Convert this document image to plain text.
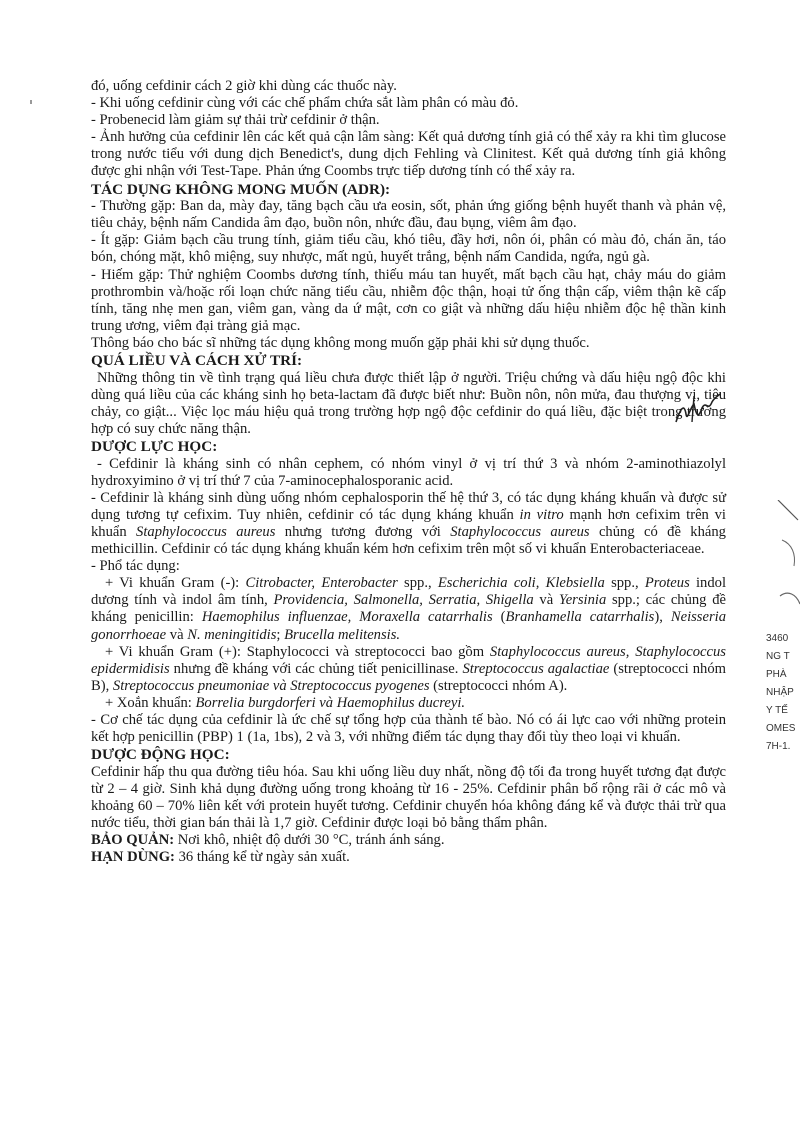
đó, uống cefdinir cách 2 giờ khi dùng các thuốc này.

- Khi uống cefdinir cùng với các chế phẩm chứa sắt làm phân có màu đỏ.

- Probenecid làm giảm sự thải trừ cefdinir ở thận.

- Ảnh hưởng của cefdinir lên các kết quả cận lâm sàng: Kết quả dương tính giả có thể xảy ra khi tìm glucose trong nước tiểu với dung dịch Benedict's, dung dịch Fehling và Clinitest. Kết quả dương tính giả không được ghi nhận với Test-Tape. Phản ứng Coombs trực tiếp dương tính có thể xảy ra.

TÁC DỤNG KHÔNG MONG MUỐN (ADR):

- Thường gặp: Ban da, mày đay, tăng bạch cầu ưa eosin, sốt, phản ứng giống bệnh huyết thanh và phản vệ, tiêu chảy, bệnh nấm Candida âm đạo, buồn nôn, nhức đầu, đau bụng, viêm âm đạo.

- Ít gặp: Giảm bạch cầu trung tính, giảm tiểu cầu, khó tiêu, đầy hơi, nôn ói, phân có màu đỏ, chán ăn, táo bón, chóng mặt, khô miệng, suy nhược, mất ngủ, huyết trắng, bệnh nấm Candida, ngứa, ngủ gà.

- Hiếm gặp: Thử nghiệm Coombs dương tính, thiếu máu tan huyết, mất bạch cầu hạt, chảy máu do giảm prothrombin và/hoặc rối loạn chức năng tiểu cầu, nhiễm độc thận, hoại tử ống thận cấp, viêm thận kẽ cấp tính, tăng nhẹ men gan, viêm gan, vàng da ứ mật, cơn co giật và những dấu hiệu nhiễm độc hệ thần kinh trung ương, viêm đại tràng giả mạc.

Thông báo cho bác sĩ những tác dụng không mong muốn gặp phải khi sử dụng thuốc.

QUÁ LIỀU VÀ CÁCH XỬ TRÍ:

Những thông tin về tình trạng quá liều chưa được thiết lập ở người. Triệu chứng và dấu hiệu ngộ độc khi dùng quá liều của các kháng sinh họ beta-lactam đã được biết như: Buồn nôn, nôn mửa, đau thượng vị, tiêu chảy, co giật... Việc lọc máu hiệu quả trong trường hợp ngộ độc cefdinir do quá liều, đặc biệt trong trường hợp có suy chức năng thận.

DƯỢC LỰC HỌC:

- Cefdinir là kháng sinh có nhân cephem, có nhóm vinyl ở vị trí thứ 3 và nhóm 2-aminothiazolyl hydroxyimino ở vị trí thứ 7 của 7-aminocephalosporanic acid.

- Cefdinir là kháng sinh dùng uống nhóm cephalosporin thế hệ thứ 3, có tác dụng kháng khuẩn và được sử dụng tương tự cefixim. Tuy nhiên, cefdinir có tác dụng kháng khuẩn in vitro mạnh hơn cefixim trên vi khuẩn Staphylococcus aureus nhưng tương đương với Staphylococcus aureus chủng có đề kháng methicillin. Cefdinir có tác dụng kháng khuẩn kém hơn cefixim trên một số vi khuẩn Enterobacteriaceae.

- Phổ tác dụng:

+ Vi khuẩn Gram (-): Citrobacter, Enterobacter spp., Escherichia coli, Klebsiella spp., Proteus indol dương tính và indol âm tính, Providencia, Salmonella, Serratia, Shigella và Yersinia spp.; các chủng đề kháng penicillin: Haemophilus influenzae, Moraxella catarrhalis (Branhamella catarrhalis), Neisseria gonorrhoeae và N. meningitidis; Brucella melitensis.

+ Vi khuẩn Gram (+): Staphylococci và streptococci bao gồm Staphylococcus aureus, Staphylococcus epidermidisis nhưng đề kháng với các chủng tiết penicillinase. Streptococcus agalactiae (streptococci nhóm B), Streptococcus pneumoniae và Streptococcus pyogenes (streptococci nhóm A).

+ Xoắn khuẩn: Borrelia burgdorferi và Haemophilus ducreyi.

- Cơ chế tác dụng của cefdinir là ức chế sự tổng hợp của thành tế bào. Nó có ái lực cao với những protein kết hợp penicillin (PBP) 1 (1a, 1bs), 2 và 3, với những điểm tác dụng thay đổi tùy theo loại vi khuẩn.

DƯỢC ĐỘNG HỌC:

Cefdinir hấp thu qua đường tiêu hóa. Sau khi uống liều duy nhất, nồng độ tối đa trong huyết tương đạt được từ 2 – 4 giờ. Sinh khả dụng đường uống trong khoảng từ 16 - 25%. Cefdinir phân bố rộng rãi ở các mô và khoảng 60 – 70% liên kết với protein huyết tương. Cefdinir chuyển hóa không đáng kể và được thải trừ qua nước tiểu, thời gian bán thải là 1,7 giờ. Cefdinir được loại bỏ bằng thẩm phân.

BẢO QUẢN: Nơi khô, nhiệt độ dưới 30 °C, tránh ánh sáng.

HẠN DÙNG: 36 tháng kể từ ngày sản xuất.

3460
NG T
PHÀ
NHẬP
Y TẾ
OMES
7H-1.
